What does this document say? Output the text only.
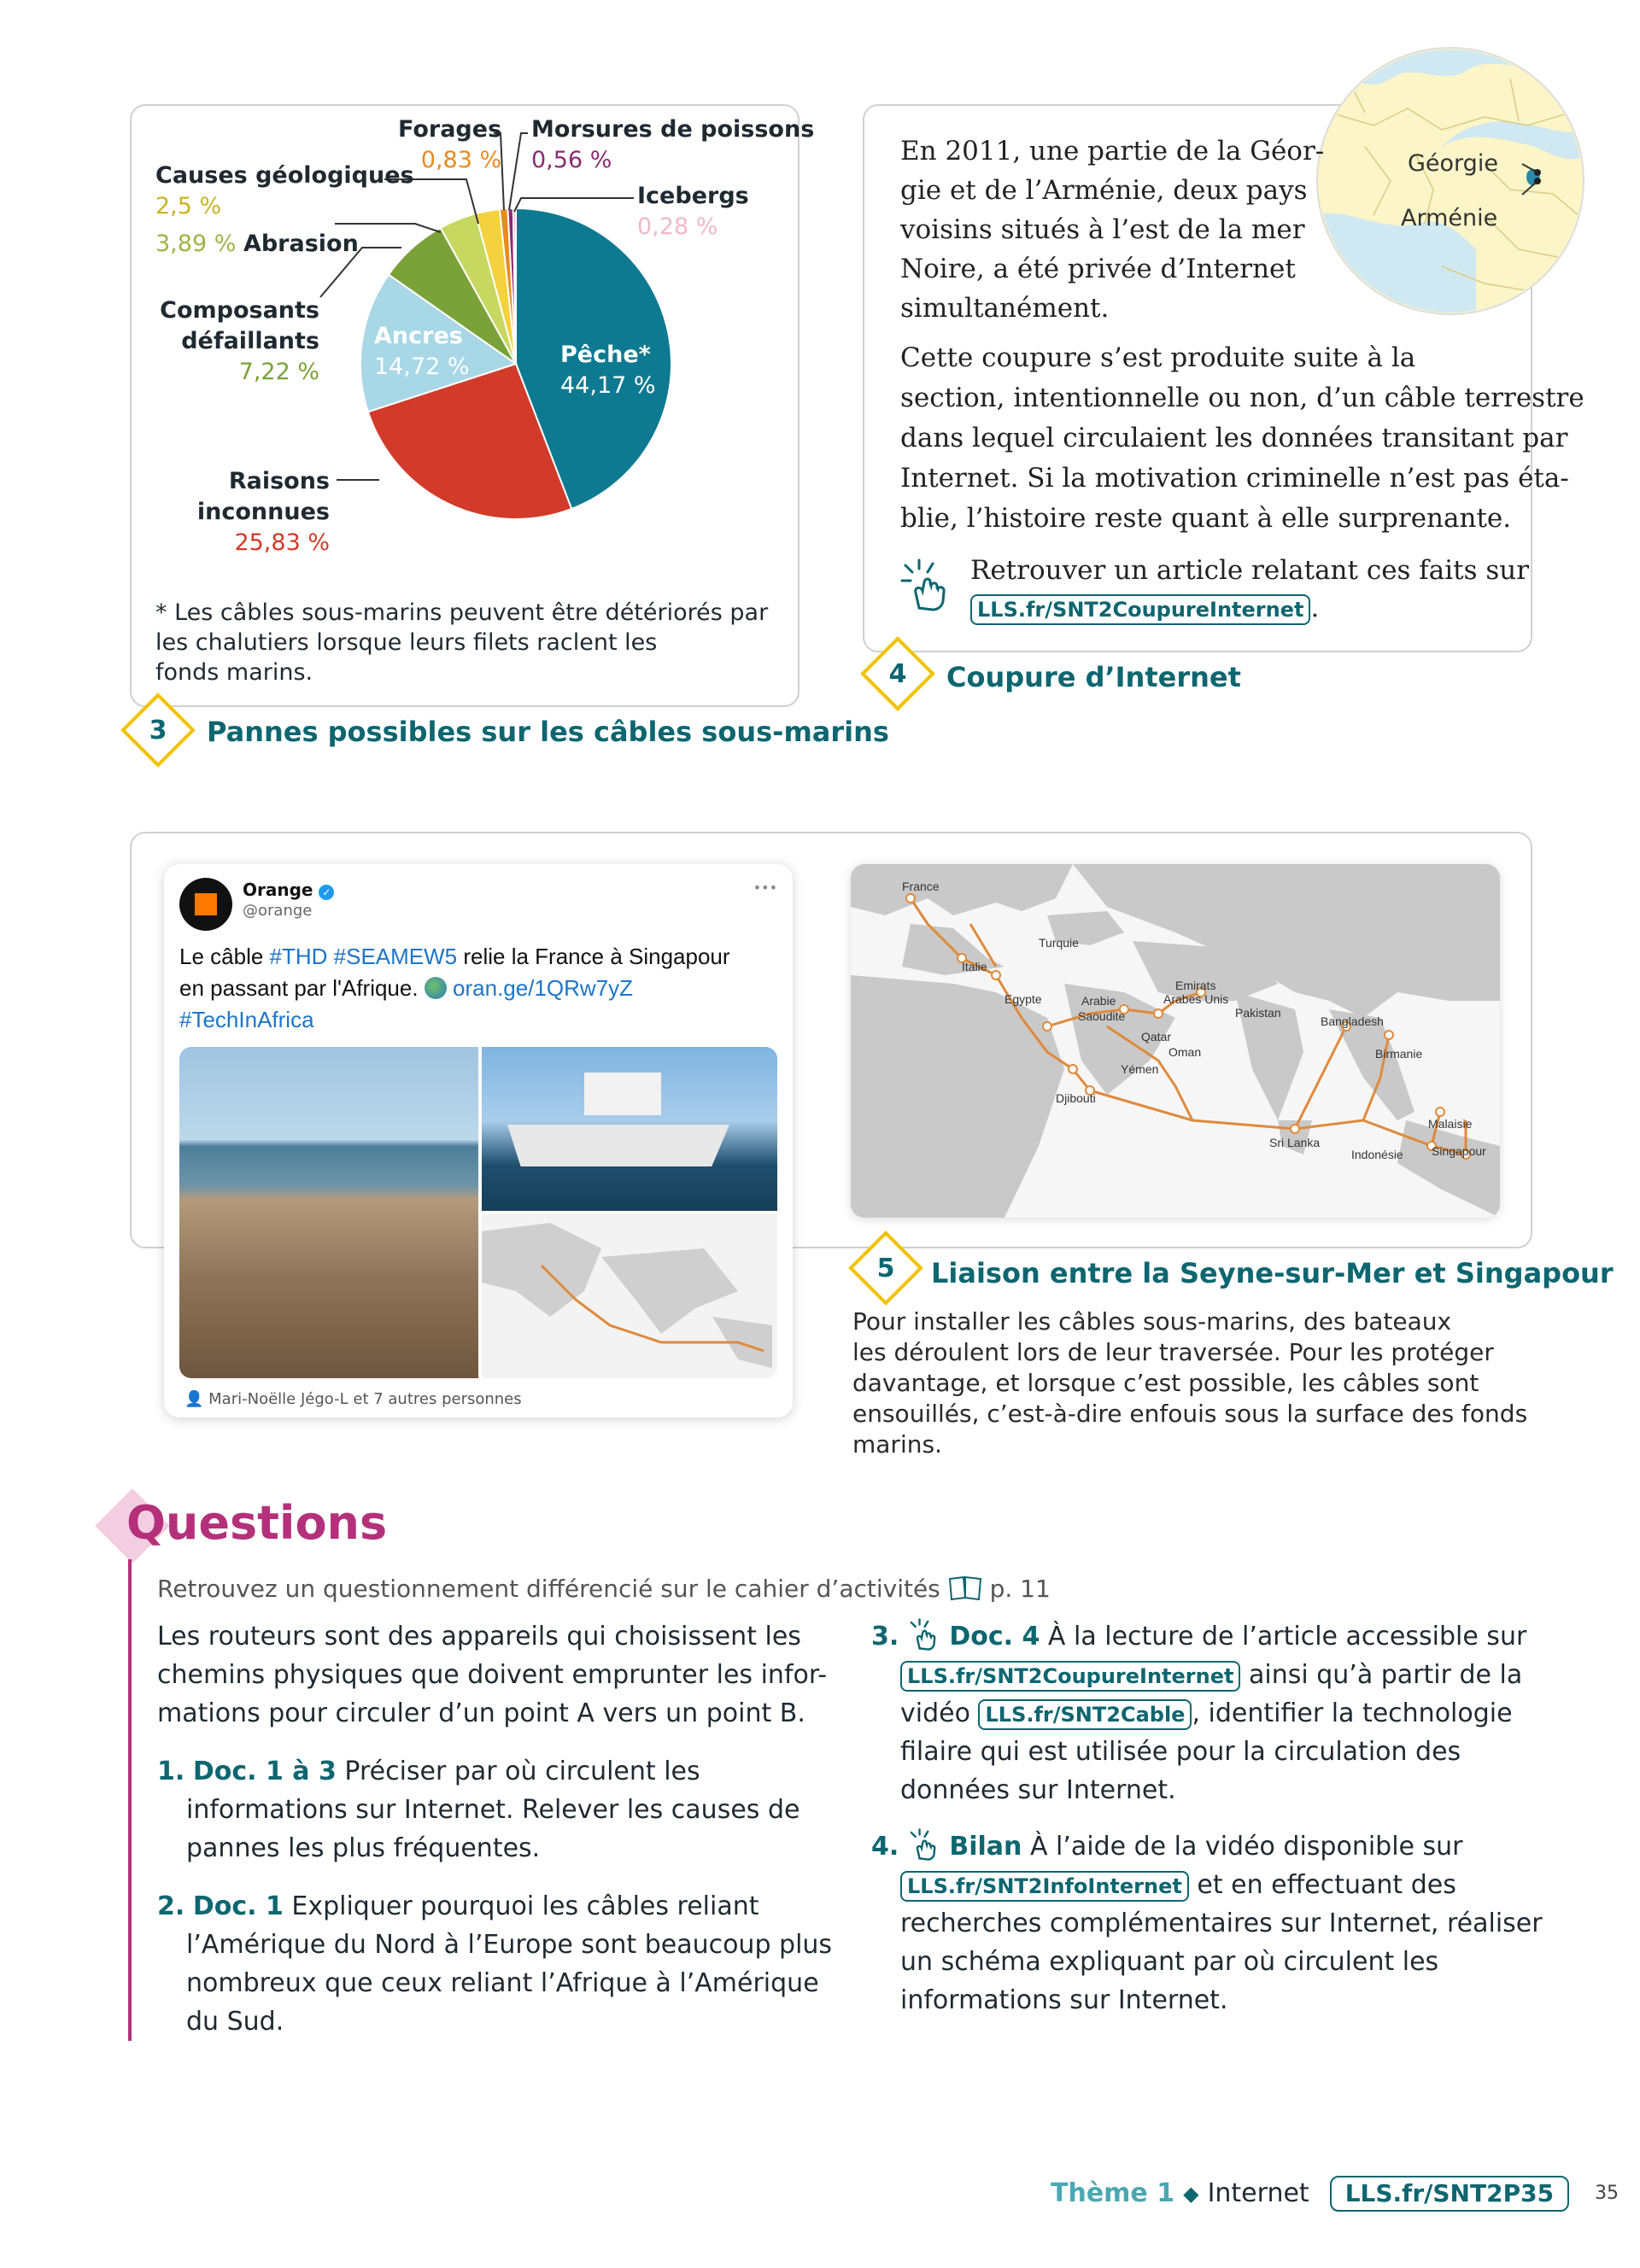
Forages
0,83 %
Morsures de poissons
0,56 %
Icebergs
0,28 %
Causes géologiques
2,5 %
3,89 % Abrasion
Composants
défaillants
7,22 %
Ancres
14,72 %	Pêche*
44,17 %
Raisons
inconnues
25,83 %
* Les câbles sous-marins peuvent être détériorés par
les chalutiers lorsque leurs filets raclent les
fonds marins.
3	Pannes possibles sur les câbles sous-marins
Géorgie
Arménie
En 2011, une partie de la Géor-
gie et de l’Arménie, deux pays
voisins situés à l’est de la mer
Noire, a été privée d’Internet
simultanément.
Cette coupure s’est produite suite à la
section, intentionnelle ou non, d’un câble terrestre
dans lequel circulaient les données transitant par
Internet. Si la motivation criminelle n’est pas éta-
blie, l’histoire reste quant à elle surprenante.
Retrouver un article relatant ces faits sur
LLS.fr/SNT2CoupureInternet .
4	Coupure d’Internet
Orange ✓
@orange
•••
Le câble #THD #SEAMEW5 relie la France à Singapour
en passant par l'Afrique.  oran.ge/1QRw7yZ
#TechInAfrica
👤 Mari-Noëlle Jégo-L et 7 autres personnes
France
Italie
Turquie
Egypte	Arabie
Saoudite
Emirats
Arabes Unis
Qatar
Oman
Yémen
Djibouti
Pakistan
Bangladesh
Birmanie
Sri Lanka
Indonésie
Malaisie
Singapour
5	Liaison entre la Seyne-sur-Mer et Singapour
Pour installer les câbles sous-marins, des bateaux
les déroulent lors de leur traversée. Pour les protéger
davantage, et lorsque c’est possible, les câbles sont
ensouillés, c’est-à-dire enfouis sous la surface des fonds
marins.
Questions
Retrouvez un questionnement différencié sur le cahier d’activités p. 11
Les routeurs sont des appareils qui choisissent les
chemins physiques que doivent emprunter les infor-
mations pour circuler d’un point A vers un point B.
1. Doc. 1 à 3 Préciser par où circulent les
informations sur Internet. Relever les causes de
pannes les plus fréquentes.
2. Doc. 1 Expliquer pourquoi les câbles reliant
l’Amérique du Nord à l’Europe sont beaucoup plus
nombreux que ceux reliant l’Afrique à l’Amérique
du Sud.
3. Doc. 4 À la lecture de l’article accessible sur
LLS.fr/SNT2CoupureInternet ainsi qu’à partir de la
vidéo LLS.fr/SNT2Cable , identifier la technologie
filaire qui est utilisée pour la circulation des
données sur Internet.
4. Bilan À l’aide de la vidéo disponible sur
LLS.fr/SNT2InfoInternet et en effectuant des
recherches complémentaires sur Internet, réaliser
un schéma expliquant par où circulent les
informations sur Internet.
Thème 1 ◆ Internet	LLS.fr/SNT2P35	35
